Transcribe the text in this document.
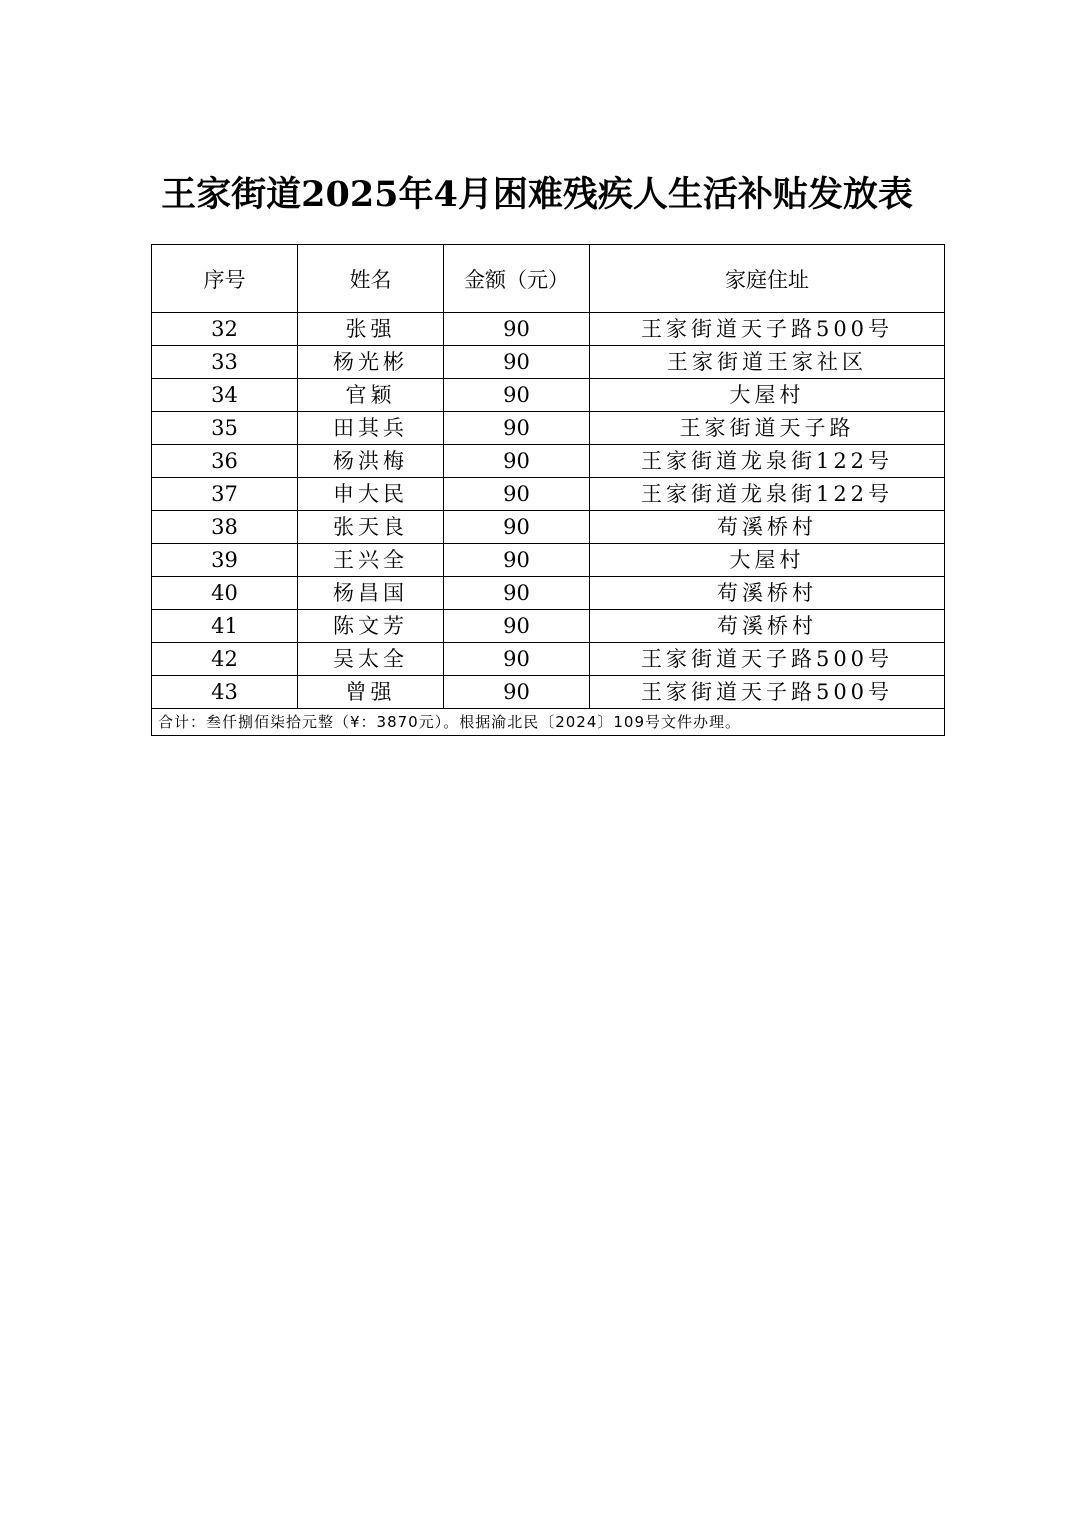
王家街道2025年4月困难残疾人生活补贴发放表
序号	姓名	金额（元）	家庭住址
32	张强	90	王家街道天子路500号
33	杨光彬	90	王家街道王家社区
34	官颖	90	大屋村
35	田其兵	90	王家街道天子路
36	杨洪梅	90	王家街道龙泉街122号
37	申大民	90	王家街道龙泉街122号
38	张天良	90	苟溪桥村
39	王兴全	90	大屋村
40	杨昌国	90	苟溪桥村
41	陈文芳	90	苟溪桥村
42	吴太全	90	王家街道天子路500号
43	曾强	90	王家街道天子路500号
合计：叁仟捌佰柒拾元整（¥：3870元）。根据渝北民〔2024〕109号文件办理。			
